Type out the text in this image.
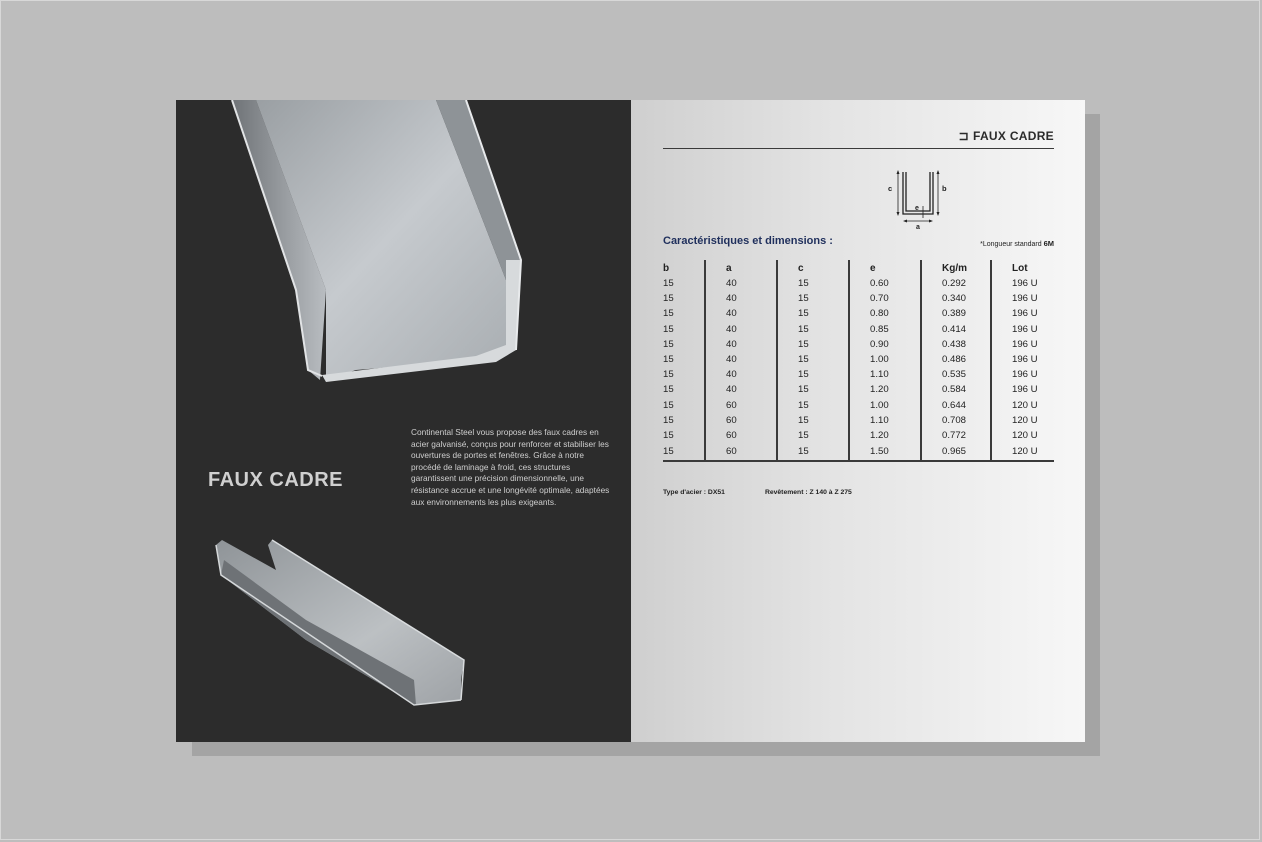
FAUX CADRE
Continental Steel vous propose des faux cadres en acier galvanisé, conçus pour renforcer et stabiliser les ouvertures de portes et fenêtres. Grâce à notre procédé de laminage à froid, ces structures garantissent une précision dimensionnelle, une résistance accrue et une longévité optimale, adaptées aux environnements les plus exigeants.
⊐ FAUX CADRE
c	b
e
a
Caractéristiques et dimensions :	*Longueur standard 6M
b	a	c	e	Kg/m	Lot
15	40	15	0.60	0.292	196 U
15	40	15	0.70	0.340	196 U
15	40	15	0.80	0.389	196 U
15	40	15	0.85	0.414	196 U
15	40	15	0.90	0.438	196 U
15	40	15	1.00	0.486	196 U
15	40	15	1.10	0.535	196 U
15	40	15	1.20	0.584	196 U
15	60	15	1.00	0.644	120 U
15	60	15	1.10	0.708	120 U
15	60	15	1.20	0.772	120 U
15	60	15	1.50	0.965	120 U
Type d'acier : DX51	Revêtement : Z 140 à Z 275
